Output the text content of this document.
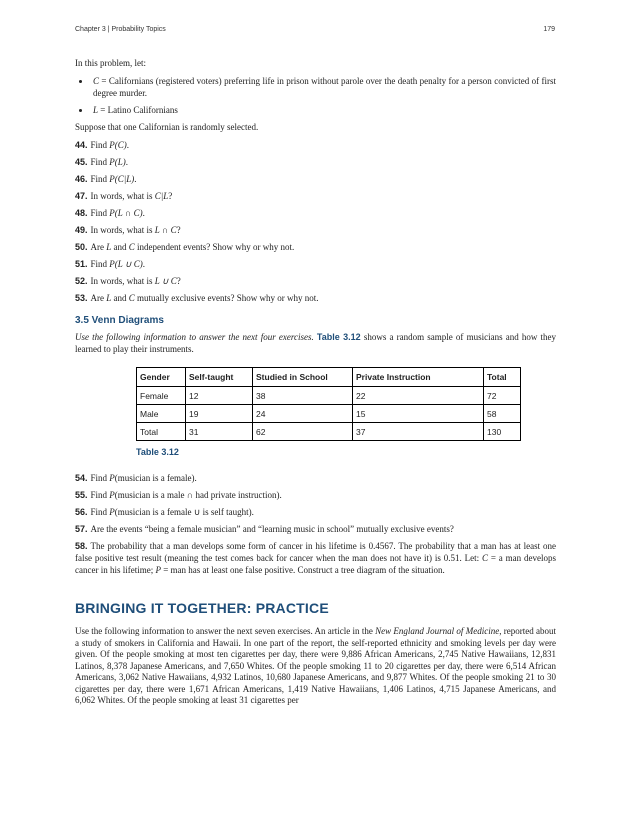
Chapter 3 | Probability Topics	179

In this problem, let:

• C = Californians (registered voters) preferring life in prison without parole over the death penalty for a person convicted of first degree murder.
• L = Latino Californians

Suppose that one Californian is randomly selected.

44. Find P(C).
45. Find P(L).
46. Find P(C|L).
47. In words, what is C|L?
48. Find P(L ∩ C).
49. In words, what is L ∩ C?
50. Are L and C independent events? Show why or why not.
51. Find P(L ∪ C).
52. In words, what is L ∪ C?
53. Are L and C mutually exclusive events? Show why or why not.
3.5 Venn Diagrams

Use the following information to answer the next four exercises. Table 3.12 shows a random sample of musicians and how they learned to play their instruments.

Gender	Self-taught	Studied in School	Private Instruction	Total
Female	12	38	22	72
Male	19	24	15	58
Total	31	62	37	130
Table 3.12
54. Find P(musician is a female).
55. Find P(musician is a male ∩ had private instruction).
56. Find P(musician is a female ∪ is self taught).
57. Are the events “being a female musician” and “learning music in school” mutually exclusive events?
58. The probability that a man develops some form of cancer in his lifetime is 0.4567. The probability that a man has at least one false positive test result (meaning the test comes back for cancer when the man does not have it) is 0.51. Let: C = a man develops cancer in his lifetime; P = man has at least one false positive. Construct a tree diagram of the situation.
BRINGING IT TOGETHER: PRACTICE

Use the following information to answer the next seven exercises. An article in the New England Journal of Medicine, reported about a study of smokers in California and Hawaii. In one part of the report, the self-reported ethnicity and smoking levels per day were given. Of the people smoking at most ten cigarettes per day, there were 9,886 African Americans, 2,745 Native Hawaiians, 12,831 Latinos, 8,378 Japanese Americans, and 7,650 Whites. Of the people smoking 11 to 20 cigarettes per day, there were 6,514 African Americans, 3,062 Native Hawaiians, 4,932 Latinos, 10,680 Japanese Americans, and 9,877 Whites. Of the people smoking 21 to 30 cigarettes per day, there were 1,671 African Americans, 1,419 Native Hawaiians, 1,406 Latinos, 4,715 Japanese Americans, and 6,062 Whites. Of the people smoking at least 31 cigarettes per
